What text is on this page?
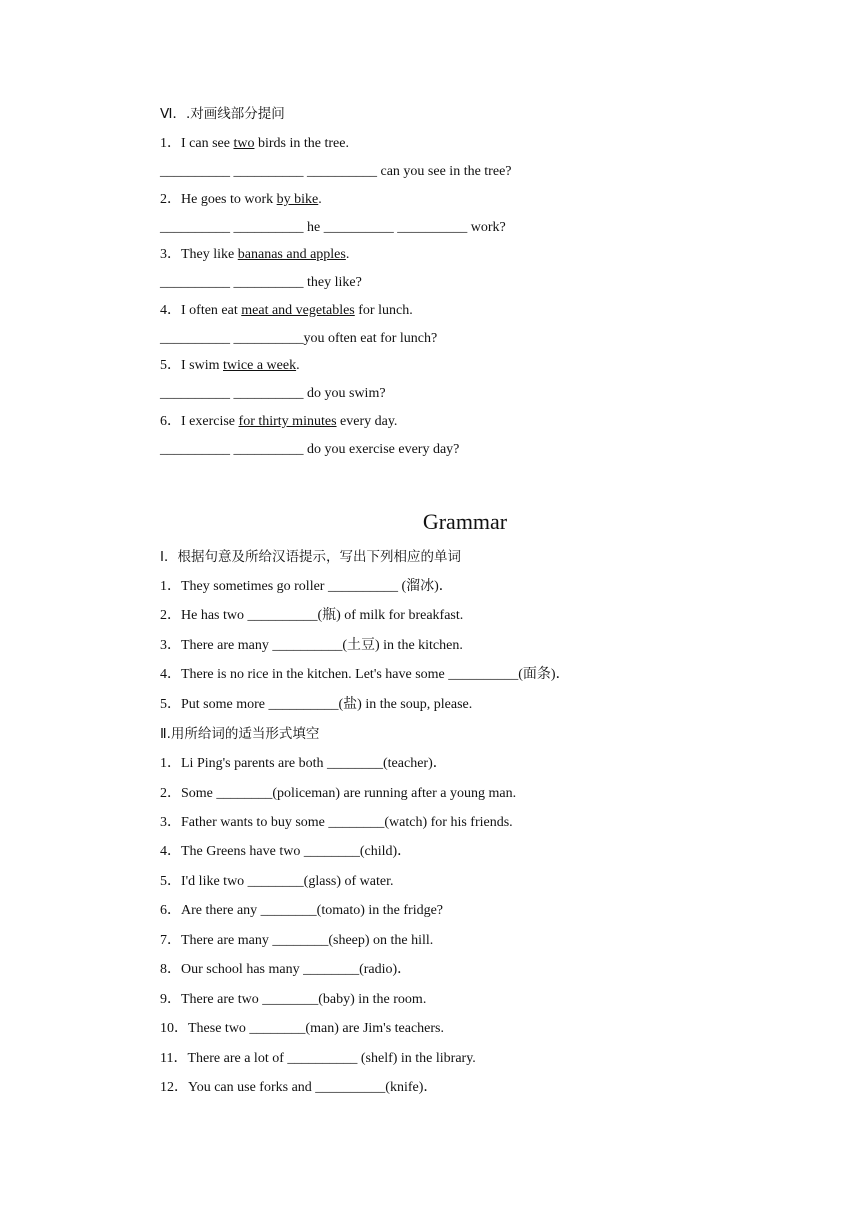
Ⅵ．.对画线部分提问
1．I can see two birds in the tree.
__________ __________ __________ can you see in the tree?
2．He goes to work by bike.
__________ __________ he __________ __________ work?
3．They like bananas and apples.
__________ __________ they like?
4．I often eat meat and vegetables for lunch.
__________ __________you often eat for lunch?
5．I swim twice a week.
__________ __________ do you swim?
6．I exercise for thirty minutes every day.
__________ __________ do you exercise every day?
Grammar
Ⅰ．根据句意及所给汉语提示，写出下列相应的单词
1．They sometimes go roller __________ (溜冰)．
2．He has two __________(瓶) of milk for breakfast.
3．There are many __________(土豆) in the kitchen.
4．There is no rice in the kitchen. Let's have some __________(面条)．
5．Put some more __________(盐) in the soup, please.
Ⅱ.用所给词的适当形式填空
1．Li Ping's parents are both ________(teacher)．
2．Some ________(policeman) are running after a young man.
3．Father wants to buy some ________(watch) for his friends.
4．The Greens have two ________(child)．
5．I'd like two ________(glass) of water.
6．Are there any ________(tomato) in the fridge?
7．There are many ________(sheep) on the hill.
8．Our school has many ________(radio)．
9．There are two ________(baby) in the room.
10．These two ________(man) are Jim's teachers.
11．There are a lot of __________ (shelf) in the library.
12．You can use forks and __________(knife)．
